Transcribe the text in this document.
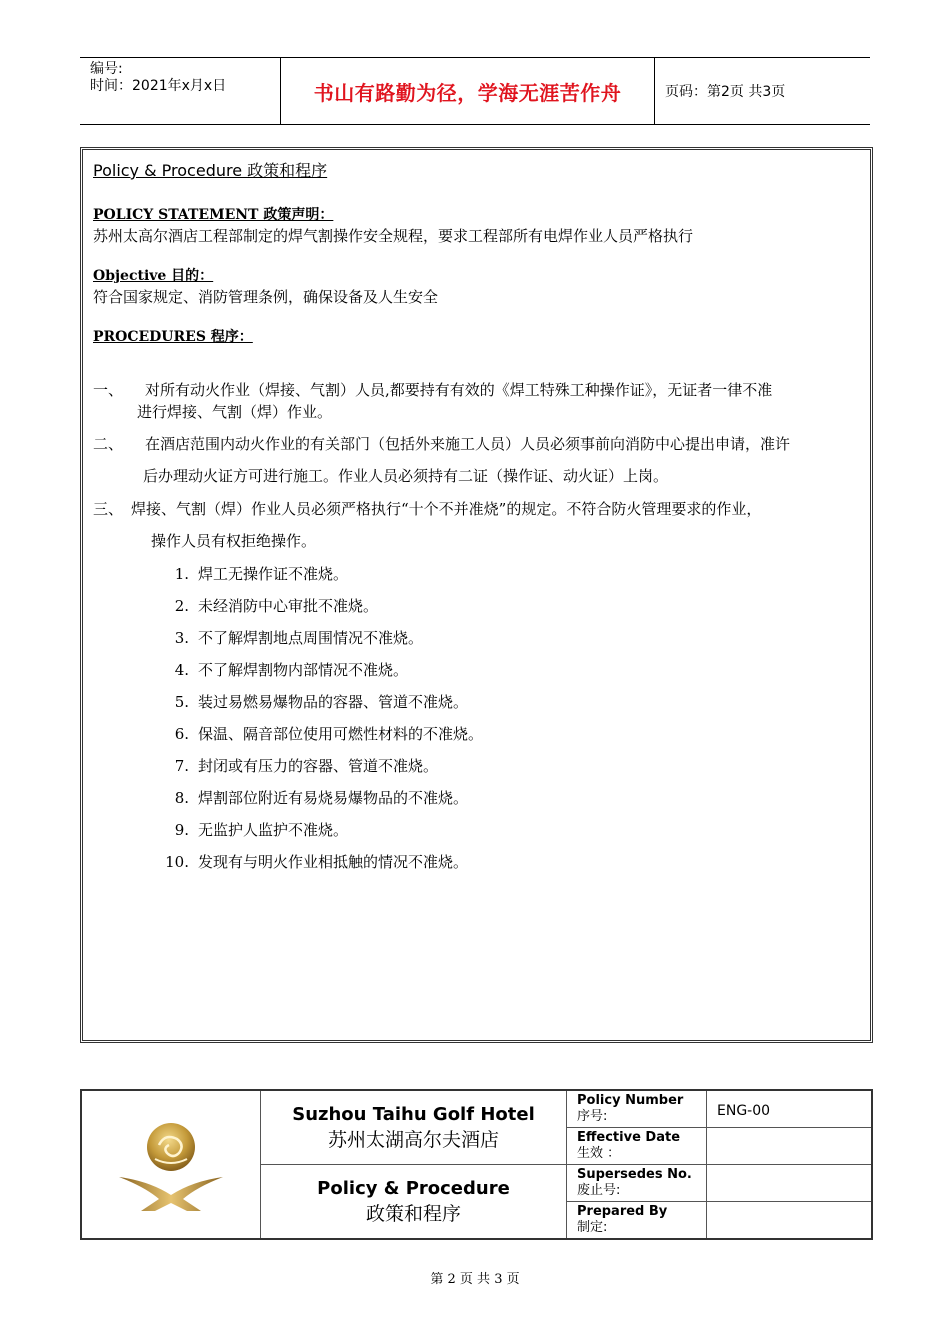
编号:
时间：2021年x月x日	书山有路勤为径，学海无涯苦作舟	页码：第2页 共3页

Policy & Procedure 政策和程序

POLICY STATEMENT 政策声明：

苏州太高尔酒店工程部制定的焊气割操作安全规程，要求工程部所有电焊作业人员严格执行

Objective 目的：

符合国家规定、消防管理条例，确保设备及人生安全

PROCEDURES 程序：

一、 对所有动火作业（焊接、气割）人员,都要持有有效的《焊工特殊工种操作证》，无证者一律不准
进行焊接、气割（焊）作业。
二、 在酒店范围内动火作业的有关部门（包括外来施工人员）人员必须事前向消防中心提出申请，准许
后办理动火证方可进行施工。作业人员必须持有二证（操作证、动火证）上岗。
三、 焊接、气割（焊）作业人员必须严格执行“十个不并准烧”的规定。不符合防火管理要求的作业，
操作人员有权拒绝操作。
1. 焊工无操作证不准烧。
2. 未经消防中心审批不准烧。
3. 不了解焊割地点周围情况不准烧。
4. 不了解焊割物内部情况不准烧。
5. 装过易燃易爆物品的容器、管道不准烧。
6. 保温、隔音部位使用可燃性材料的不准烧。
7. 封闭或有压力的容器、管道不准烧。
8. 焊割部位附近有易烧易爆物品的不准烧。
9. 无监护人监护不准烧。
10. 发现有与明火作业相抵触的情况不准烧。
Suzhou Taihu Golf Hotel
苏州太湖高尔夫酒店
Policy & Procedure
政策和程序
Policy Number
序号:	ENG-00
Effective Date
生效 ：
Supersedes No.
废止号:
Prepared By
制定:
第 2 页 共 3 页
